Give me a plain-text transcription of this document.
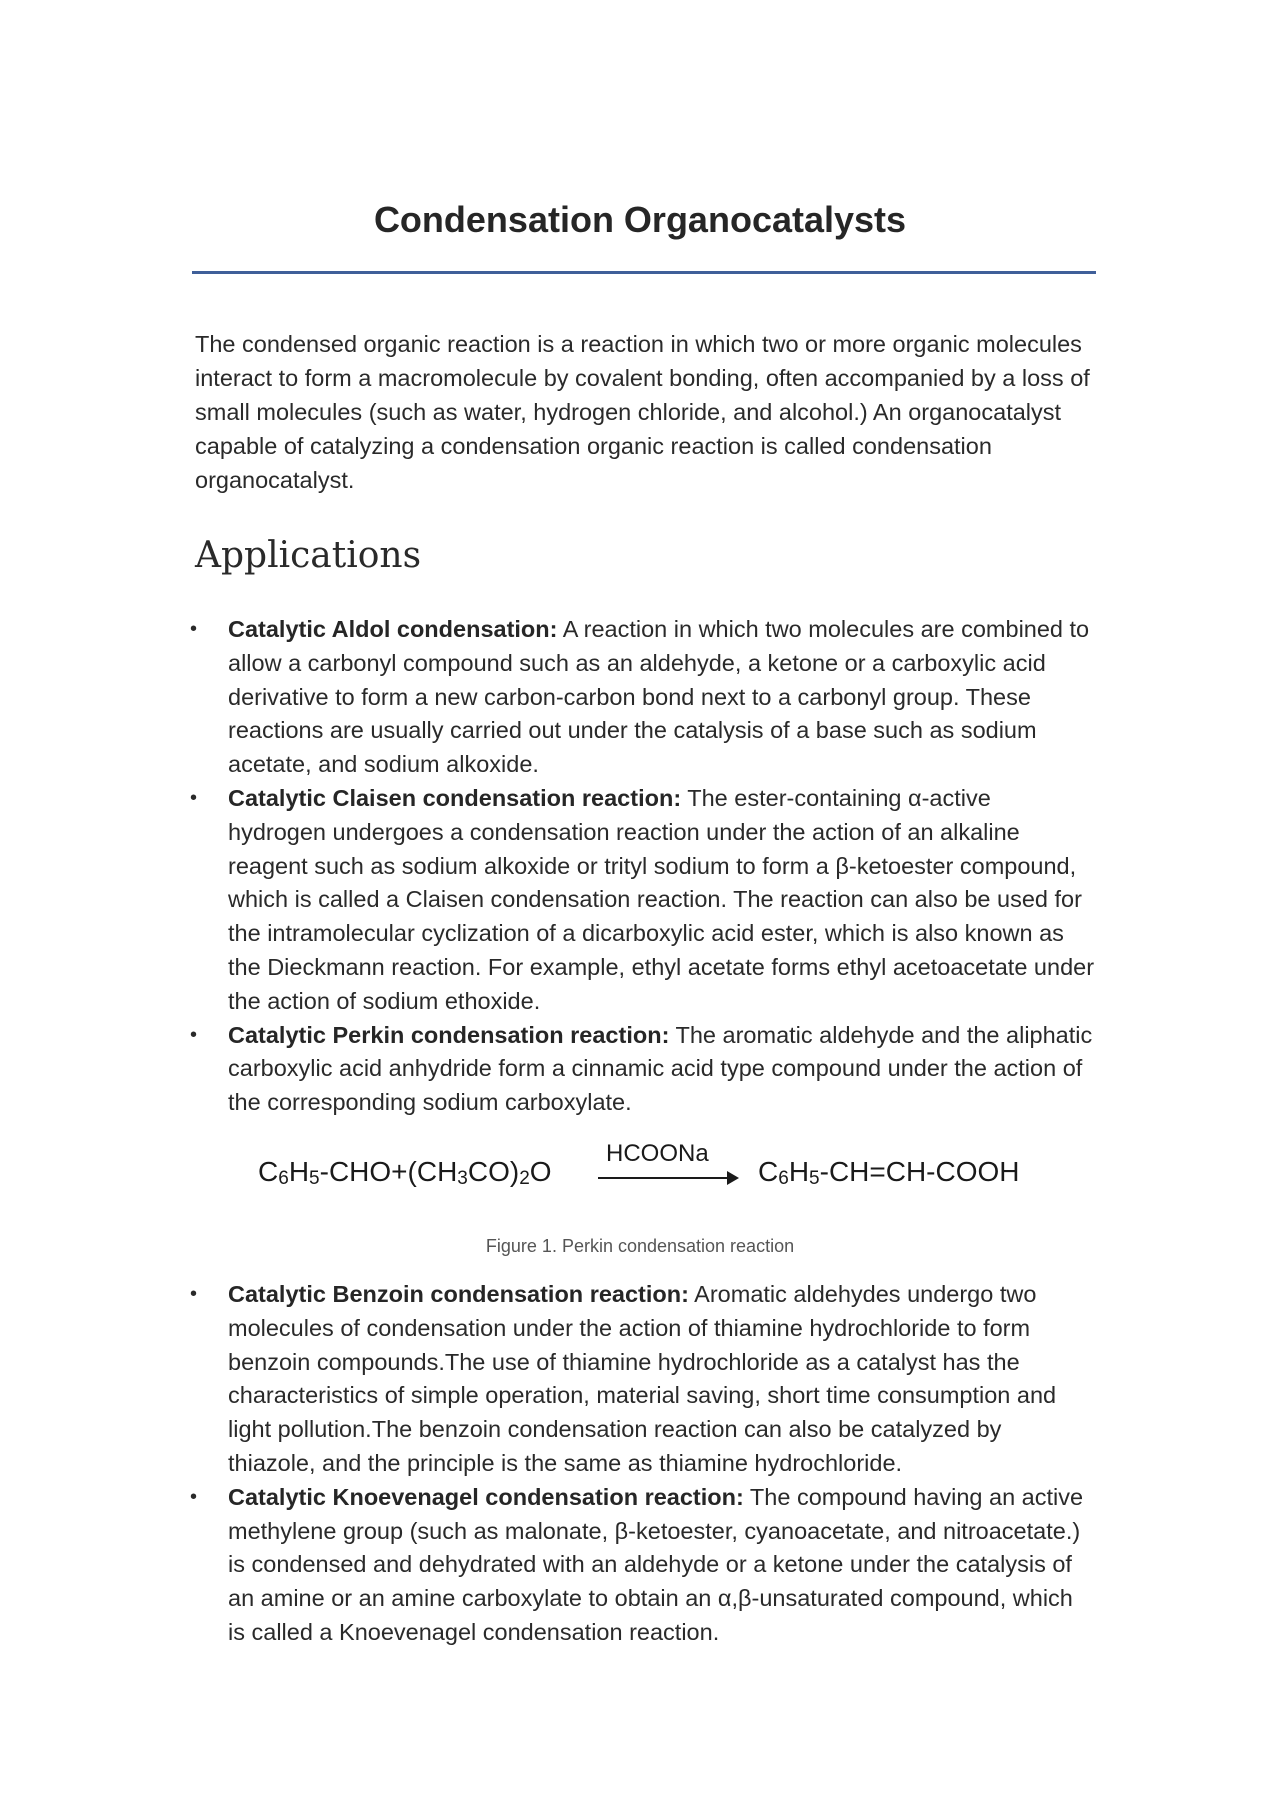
Condensation Organocatalysts

The condensed organic reaction is a reaction in which two or more organic molecules interact to form a macromolecule by covalent bonding, often accompanied by a loss of small molecules (such as water, hydrogen chloride, and alcohol.) An organocatalyst capable of catalyzing a condensation organic reaction is called condensation organocatalyst.

Applications
•	Catalytic Aldol condensation: A reaction in which two molecules are combined to allow a carbonyl compound such as an aldehyde, a ketone or a carboxylic acid derivative to form a new carbon-carbon bond next to a carbonyl group. These reactions are usually carried out under the catalysis of a base such as sodium acetate, and sodium alkoxide.
•	Catalytic Claisen condensation reaction: The ester-containing α-active hydrogen undergoes a condensation reaction under the action of an alkaline reagent such as sodium alkoxide or trityl sodium to form a β-ketoester compound, which is called a Claisen condensation reaction. The reaction can also be used for the intramolecular cyclization of a dicarboxylic acid ester, which is also known as the Dieckmann reaction. For example, ethyl acetate forms ethyl acetoacetate under the action of sodium ethoxide.
•	Catalytic Perkin condensation reaction: The aromatic aldehyde and the aliphatic carboxylic acid anhydride form a cinnamic acid type compound under the action of the corresponding sodium carboxylate.
$C_6H_5-CHO+(CH_3CO)_2O$
HCOONa
$C_6H_5-CH=CH$-COOH

Figure 1. Perkin condensation reaction

•	Catalytic Benzoin condensation reaction: Aromatic aldehydes undergo two molecules of condensation under the action of thiamine hydrochloride to form benzoin compounds.The use of thiamine hydrochloride as a catalyst has the characteristics of simple operation, material saving, short time consumption and light pollution.The benzoin condensation reaction can also be catalyzed by thiazole, and the principle is the same as thiamine hydrochloride.
•	Catalytic Knoevenagel condensation reaction: The compound having an active methylene group (such as malonate, β-ketoester, cyanoacetate, and nitroacetate.) is condensed and dehydrated with an aldehyde or a ketone under the catalysis of an amine or an amine carboxylate to obtain an α,β-unsaturated compound, which is called a Knoevenagel condensation reaction.
